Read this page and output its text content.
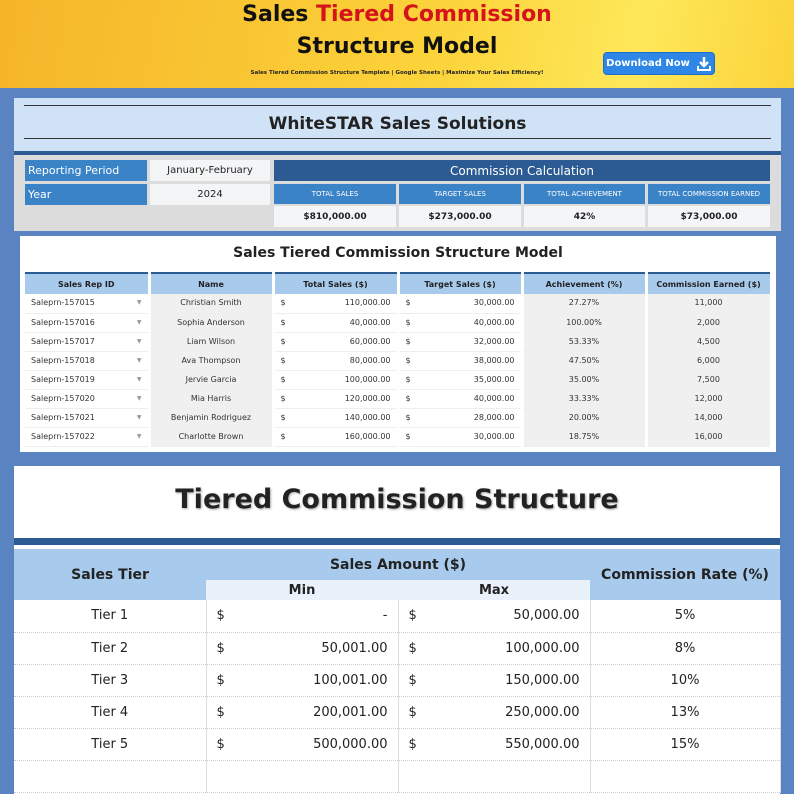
Sales Tiered Commission
Structure Model
Sales Tiered Commission Structure Template | Google Sheets | Maximize Your Sales Efficiency!
Download Now
WhiteSTAR Sales Solutions
Reporting Period	January-February
Year	2024
Commission Calculation
TOTAL SALES	TARGET SALES	TOTAL ACHIEVEMENT	TOTAL COMMISSION EARNED
$810,000.00	$273,000.00	42%	$73,000.00
Sales Tiered Commission Structure Model
Sales Rep ID	Name	Total Sales ($)	Target Sales ($)	Achievement (%)	Commission Earned ($)

Saleprn-157015 ▼	Christian Smith	$ 110,000.00	$ 30,000.00	27.27%	11,000

Saleprn-157016 ▼	Sophia Anderson	$ 40,000.00	$ 40,000.00	100.00%	2,000

Saleprn-157017 ▼	Liam Wilson	$ 60,000.00	$ 32,000.00	53.33%	4,500

Saleprn-157018 ▼	Ava Thompson	$ 80,000.00	$ 38,000.00	47.50%	6,000

Saleprn-157019 ▼	Jervie Garcia	$ 100,000.00	$ 35,000.00	35.00%	7,500

Saleprn-157020 ▼	Mia Harris	$ 120,000.00	$ 40,000.00	33.33%	12,000

Saleprn-157021 ▼	Benjamin Rodriguez	$ 140,000.00	$ 28,000.00	20.00%	14,000

Saleprn-157022 ▼	Charlotte Brown	$ 160,000.00	$ 30,000.00	18.75%	16,000
Tiered Commission Structure
Sales Tier	Sales Amount ($)		Commission Rate (%)
	Min	Max	
Tier 1	$ -	$ 50,000.00	5%
Tier 2	$ 50,001.00	$ 100,000.00	8%
Tier 3	$ 100,001.00	$ 150,000.00	10%
Tier 4	$ 200,001.00	$ 250,000.00	13%
Tier 5	$ 500,000.00	$ 550,000.00	15%
